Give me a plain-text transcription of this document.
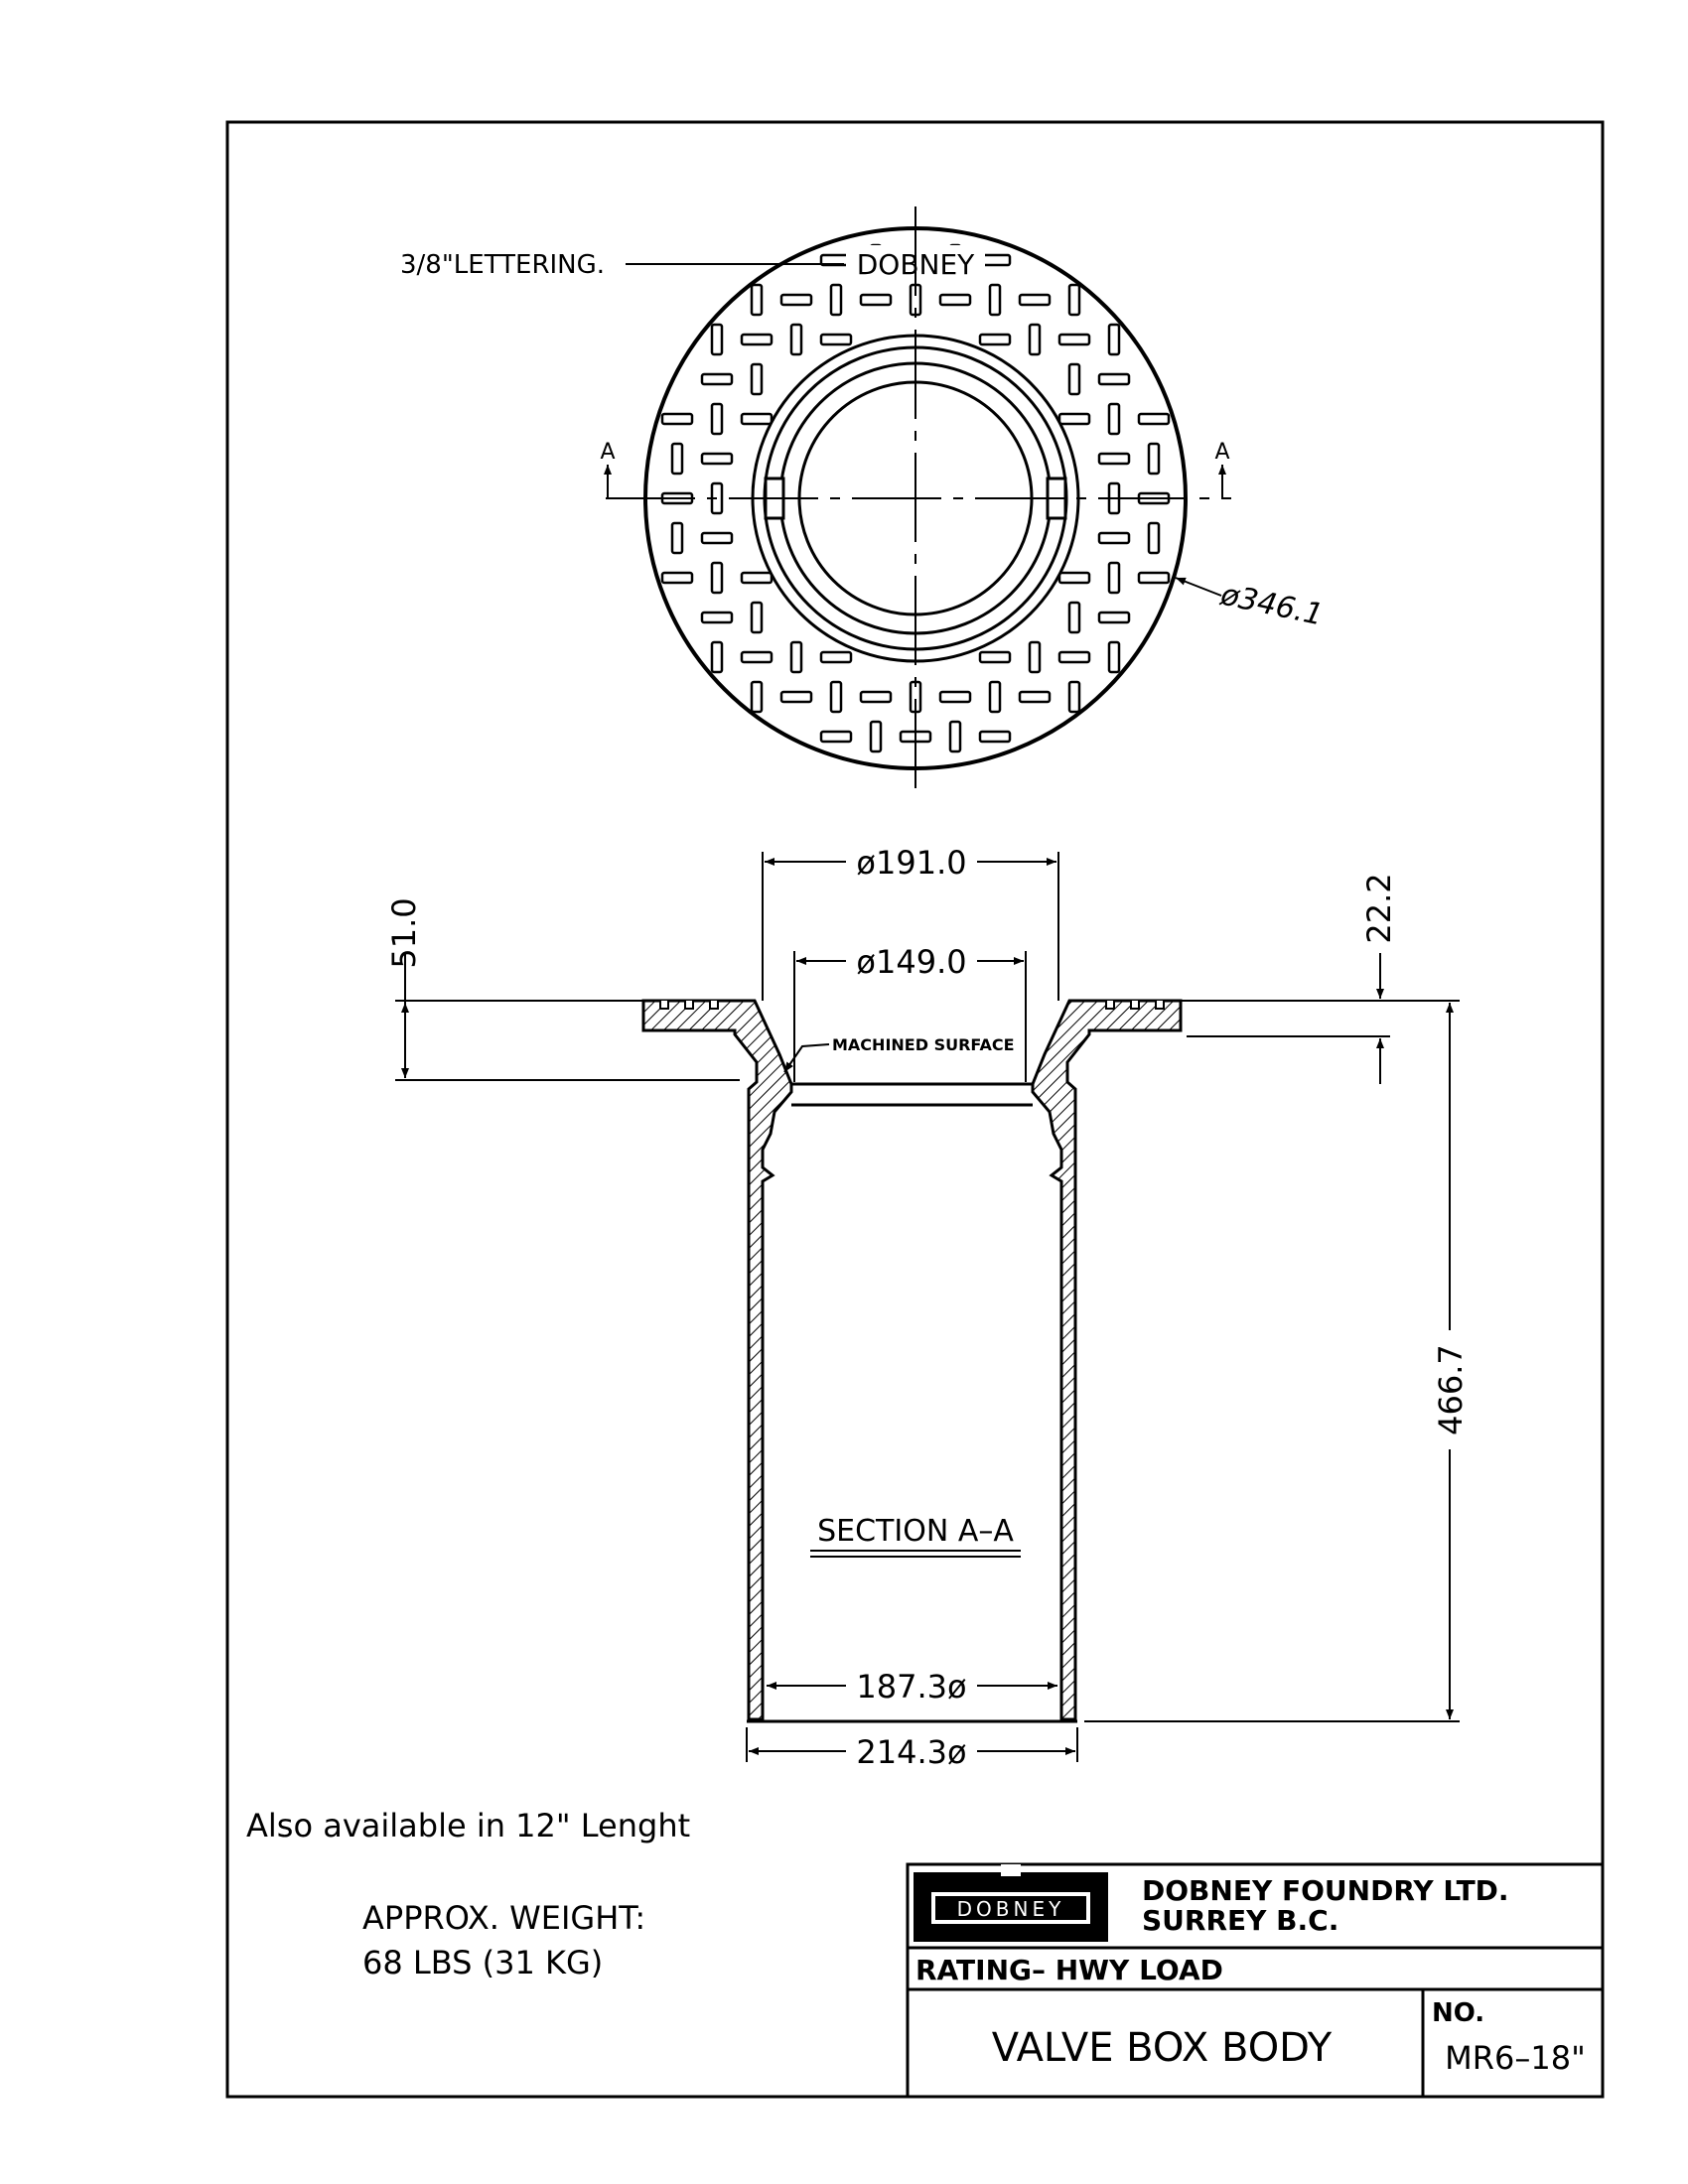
DOBNEY
A	A
3/8"LETTERING.
ø346.1
ø191.0
ø149.0
51.0	22.2
MACHINED SURFACE
466.7
SECTION A–A
187.3ø
214.3ø
Also available in 12" Lenght
APPROX. WEIGHT:
68 LBS (31 KG)
DOBNEY
DOBNEY FOUNDRY LTD.
SURREY B.C.
RATING– HWY LOAD
VALVE BOX BODY
NO.
MR6–18"
